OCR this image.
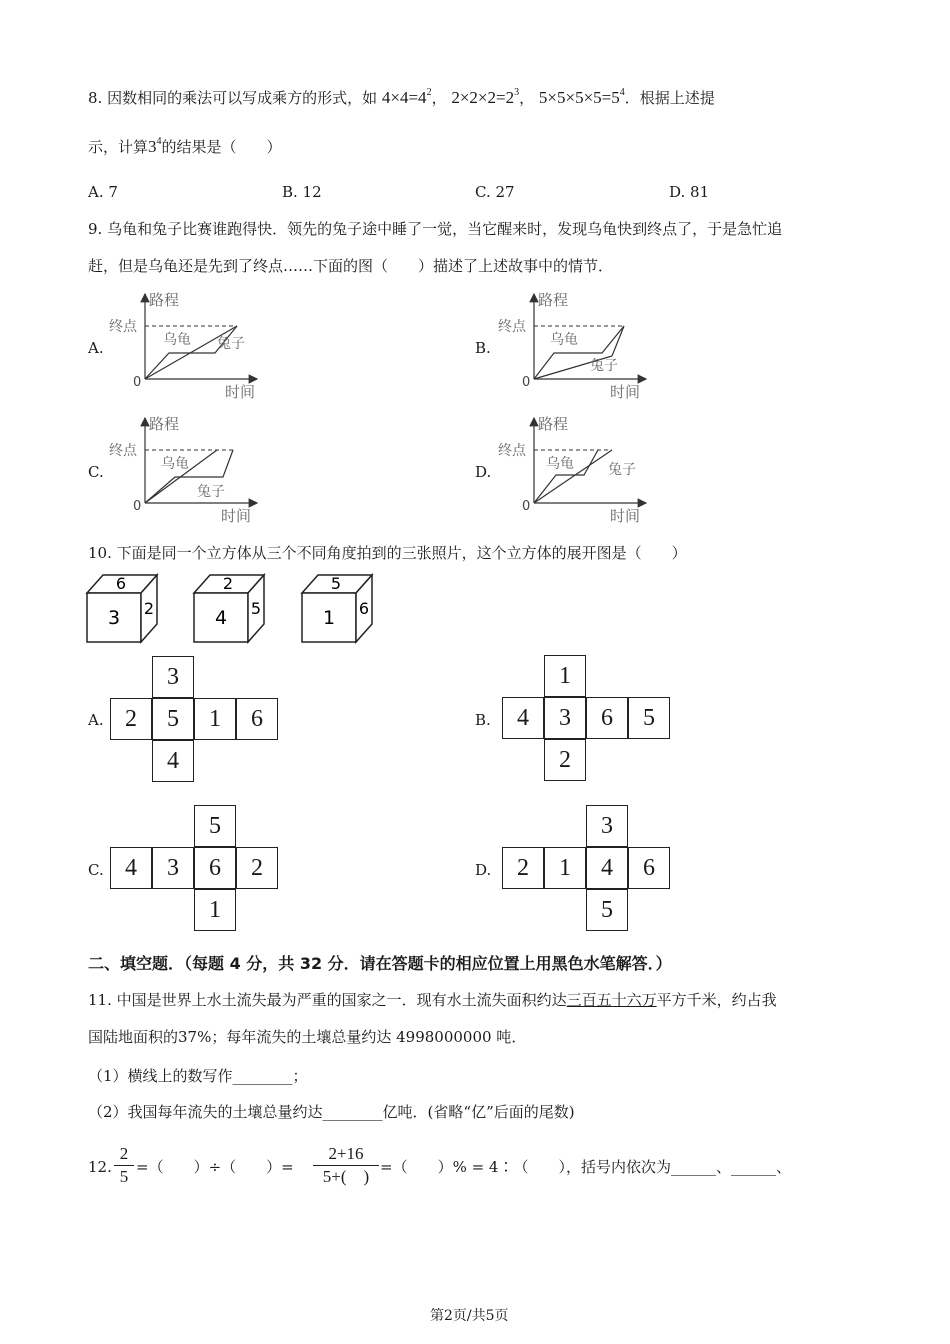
8. 因数相同的乘法可以写成乘方的形式，如 $4\times 4=4^2$， $2\times 2\times 2=2^3$， $5\times 5\times 5\times 5=5^4$．根据上述提
示，计算$3^4$的结果是（　　）
A. 7	B. 12	C. 27	D. 81
9. 乌龟和兔子比赛谁跑得快．领先的兔子途中睡了一觉，当它醒来时，发现乌龟快到终点了，于是急忙追
赶，但是乌龟还是先到了终点……下面的图（　　）描述了上述故事中的情节．
A.	B.
C.	D.
路程
终点
乌龟 兔子
0
时间
路程
终点
乌龟
兔子
0
时间
路程
终点
乌龟
兔子
0
时间
路程
终点
乌龟 兔子
0
时间
10. 下面是同一个立方体从三个不同角度拍到的三张照片，这个立方体的展开图是（　　）
6
3 2
2
4 5
5
1 6
A.
3
2	5	1	6
4
B.
1
4	3	6	5
2
C.
5
4	3	6	2
1
D.
3
2	1	4	6
5
二、填空题．（每题 4 分，共 32 分．请在答题卡的相应位置上用黑色水笔解答．）
11. 中国是世界上水土流失最为严重的国家之一．现有水土流失面积约达三百五十六万平方千米，约占我
国陆地面积的37%；每年流失的土壤总量约达 4998000000 吨．
（1）横线上的数写作________；
（2）我国每年流失的土壤总量约达________亿吨．(省略“亿”后面的尾数)
12.
2
5 =（　　）÷（　　）=
2+16
5+(　) =（　　）% = 4∶（　　），括号内依次为______、______、
第2页/共5页
